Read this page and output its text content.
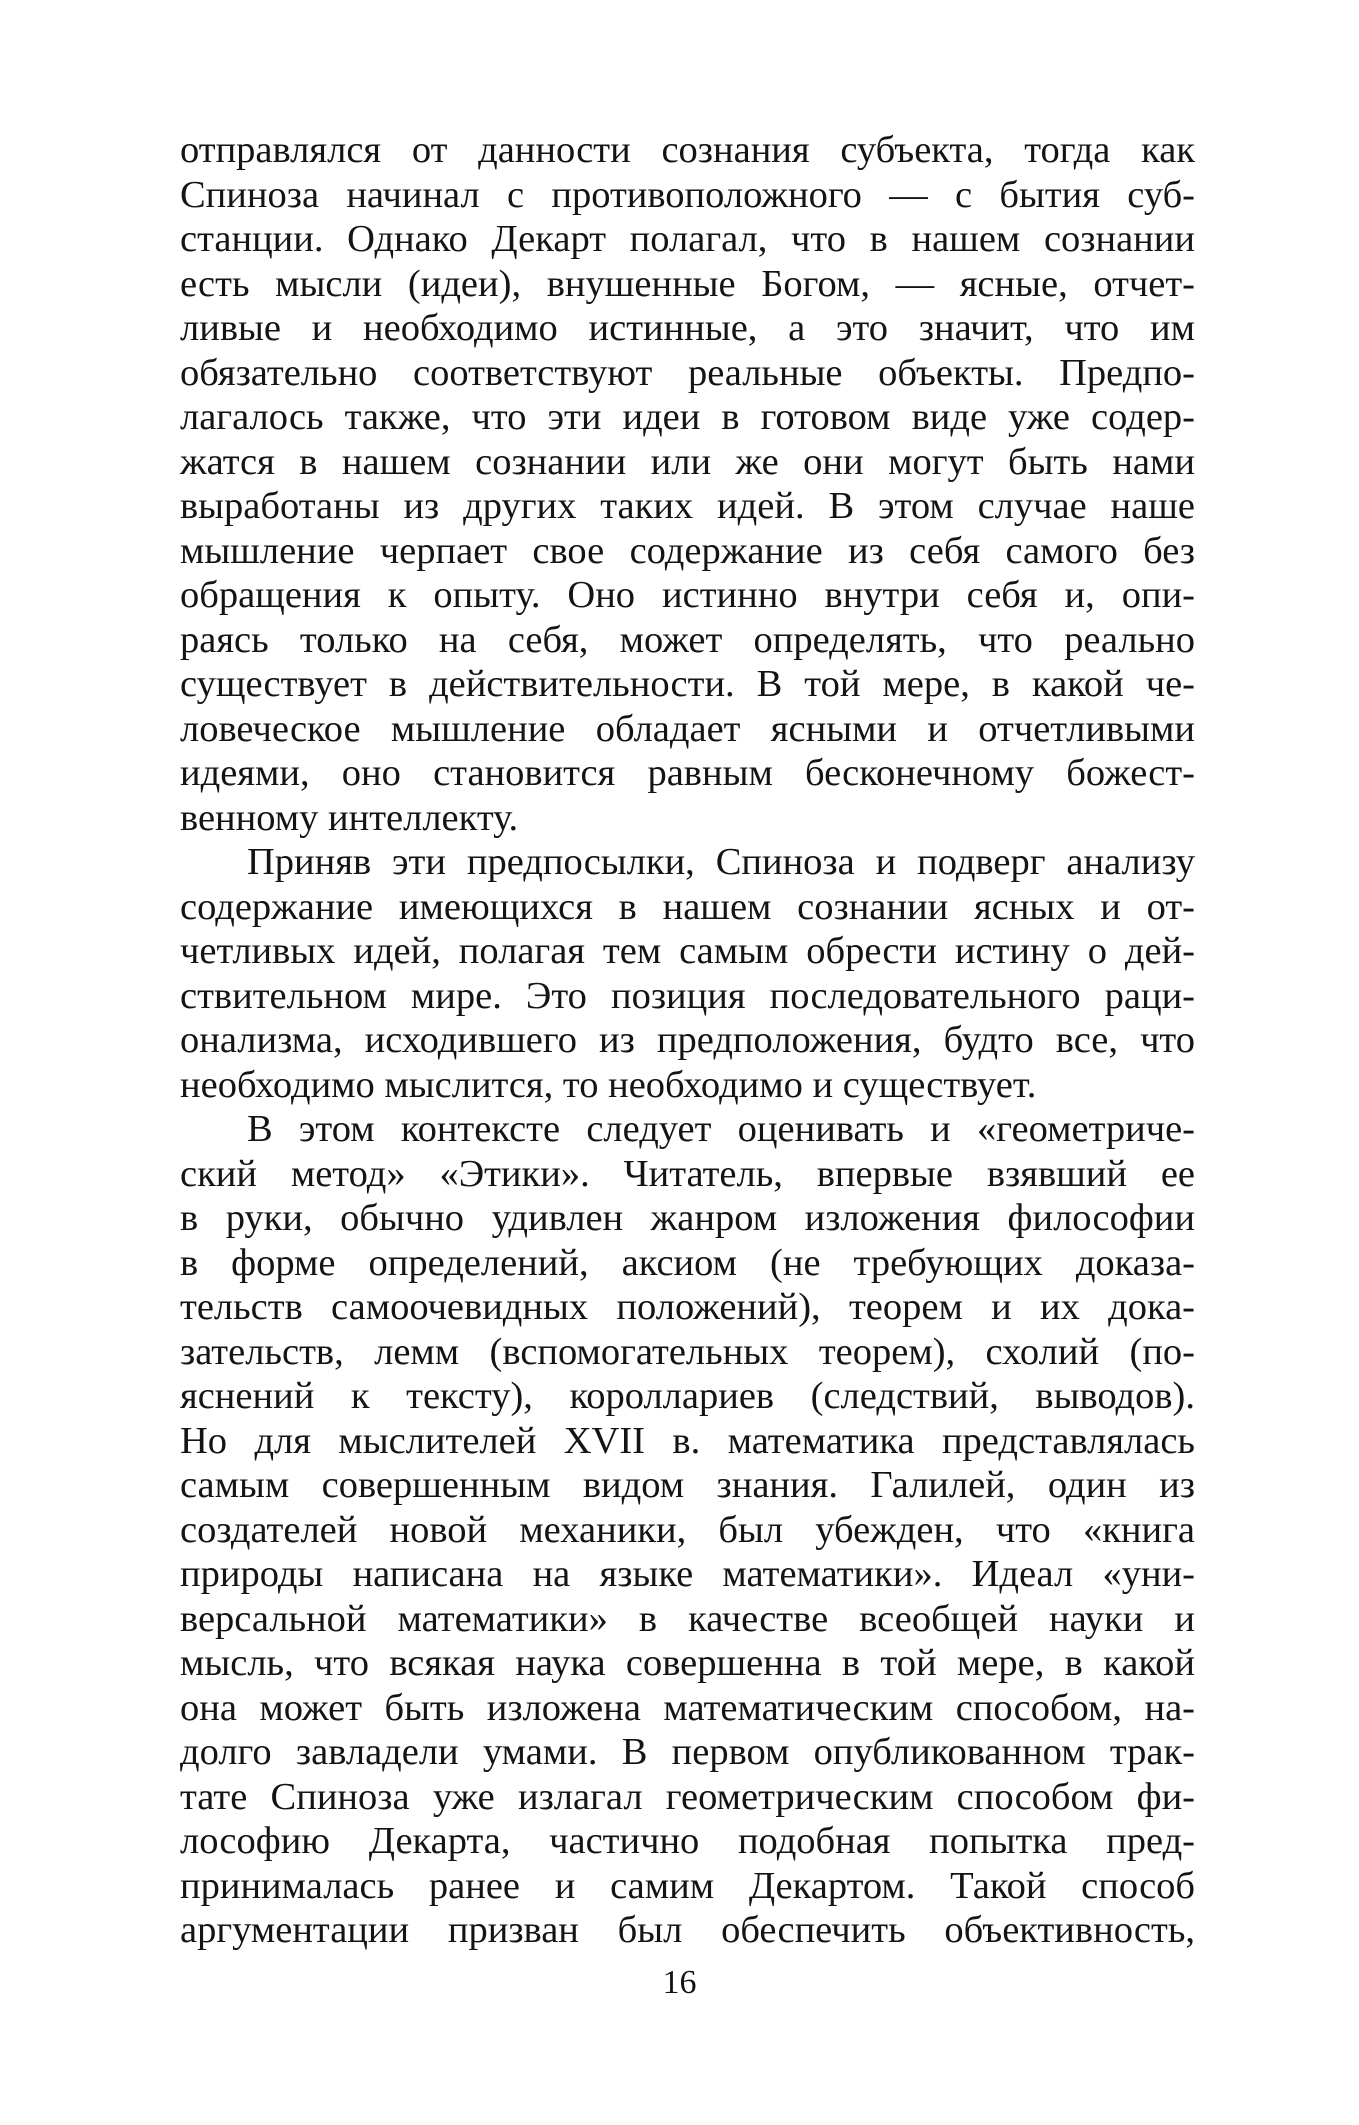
отправлялся от данности сознания субъекта, тогда как
Спиноза начинал с противоположного — с бытия суб-
станции. Однако Декарт полагал, что в нашем сознании
есть мысли (идеи), внушенные Богом, — ясные, отчет-
ливые и необходимо истинные, а это значит, что им
обязательно соответствуют реальные объекты. Предпо-
лагалось также, что эти идеи в готовом виде уже содер-
жатся в нашем сознании или же они могут быть нами
выработаны из других таких идей. В этом случае наше
мышление черпает свое содержание из себя самого без
обращения к опыту. Оно истинно внутри себя и, опи-
раясь только на себя, может определять, что реально
существует в действительности. В той мере, в какой че-
ловеческое мышление обладает ясными и отчетливыми
идеями, оно становится равным бесконечному божест-
венному интеллекту.
Приняв эти предпосылки, Спиноза и подверг анализу
содержание имеющихся в нашем сознании ясных и от-
четливых идей, полагая тем самым обрести истину о дей-
ствительном мире. Это позиция последовательного раци-
онализма, исходившего из предположения, будто все, что
необходимо мыслится, то необходимо и существует.
В этом контексте следует оценивать и «геометриче-
ский метод» «Этики». Читатель, впервые взявший ее
в руки, обычно удивлен жанром изложения философии
в форме определений, аксиом (не требующих доказа-
тельств самоочевидных положений), теорем и их дока-
зательств, лемм (вспомогательных теорем), схолий (по-
яснений к тексту), короллариев (следствий, выводов).
Но для мыслителей XVII в. математика представлялась
самым совершенным видом знания. Галилей, один из
создателей новой механики, был убежден, что «книга
природы написана на языке математики». Идеал «уни-
версальной математики» в качестве всеобщей науки и
мысль, что всякая наука совершенна в той мере, в какой
она может быть изложена математическим способом, на-
долго завладели умами. В первом опубликованном трак-
тате Спиноза уже излагал геометрическим способом фи-
лософию Декарта, частично подобная попытка пред-
принималась ранее и самим Декартом. Такой способ
аргументации призван был обеспечить объективность,
16
